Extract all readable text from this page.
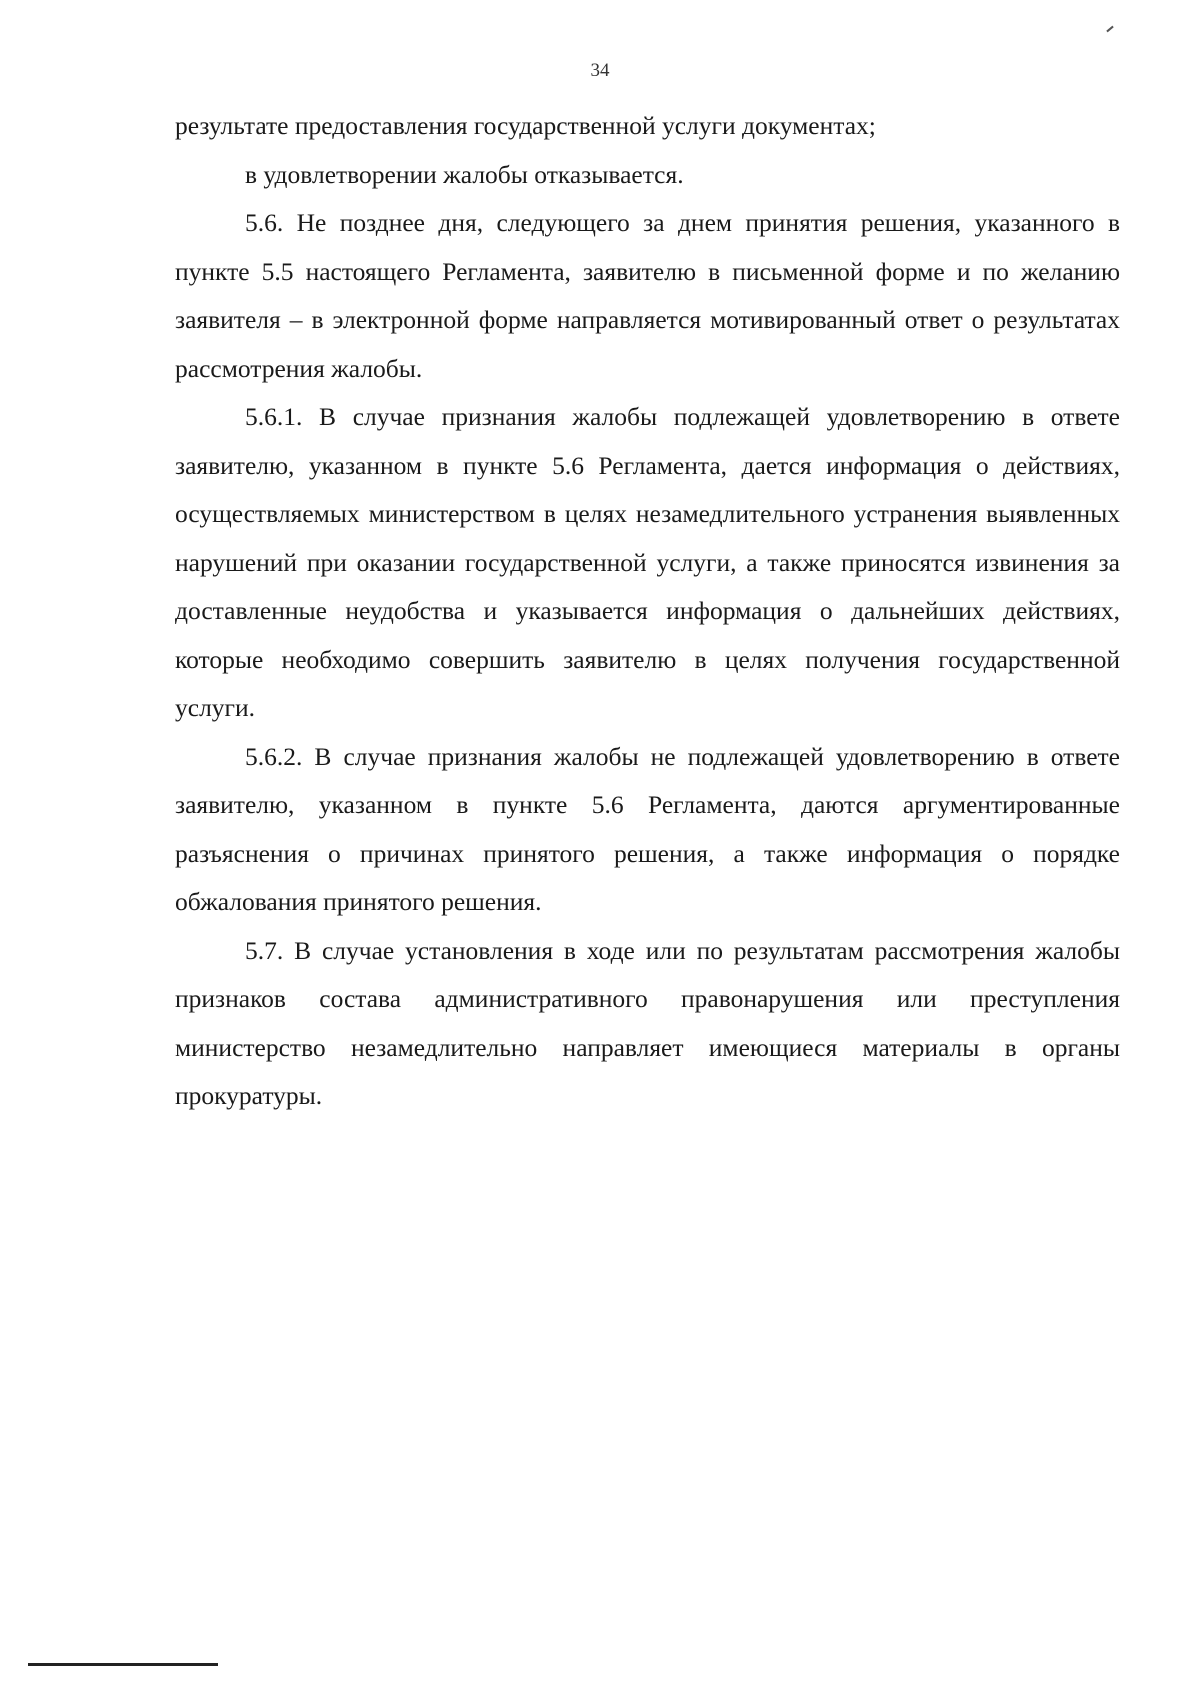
34

результате предоставления государственной услуги документах;

в удовлетворении жалобы отказывается.

5.6. Не позднее дня, следующего за днем принятия решения, указанного в пункте 5.5 настоящего Регламента, заявителю в письменной форме и по желанию заявителя – в электронной форме направляется мотивированный ответ о результатах рассмотрения жалобы.

5.6.1. В случае признания жалобы подлежащей удовлетворению в ответе заявителю, указанном в пункте 5.6 Регламента, дается информация о действиях, осуществляемых министерством в целях незамедлительного устранения выявленных нарушений при оказании государственной услуги, а также приносятся извинения за доставленные неудобства и указывается информация о дальнейших действиях, которые необходимо совершить заявителю в целях получения государственной услуги.

5.6.2. В случае признания жалобы не подлежащей удовлетворению в ответе заявителю, указанном в пункте 5.6 Регламента, даются аргументированные разъяснения о причинах принятого решения, а также информация о порядке обжалования принятого решения.

5.7. В случае установления в ходе или по результатам рассмотрения жалобы признаков состава административного правонарушения или преступления министерство незамедлительно направляет имеющиеся материалы в органы прокуратуры.
